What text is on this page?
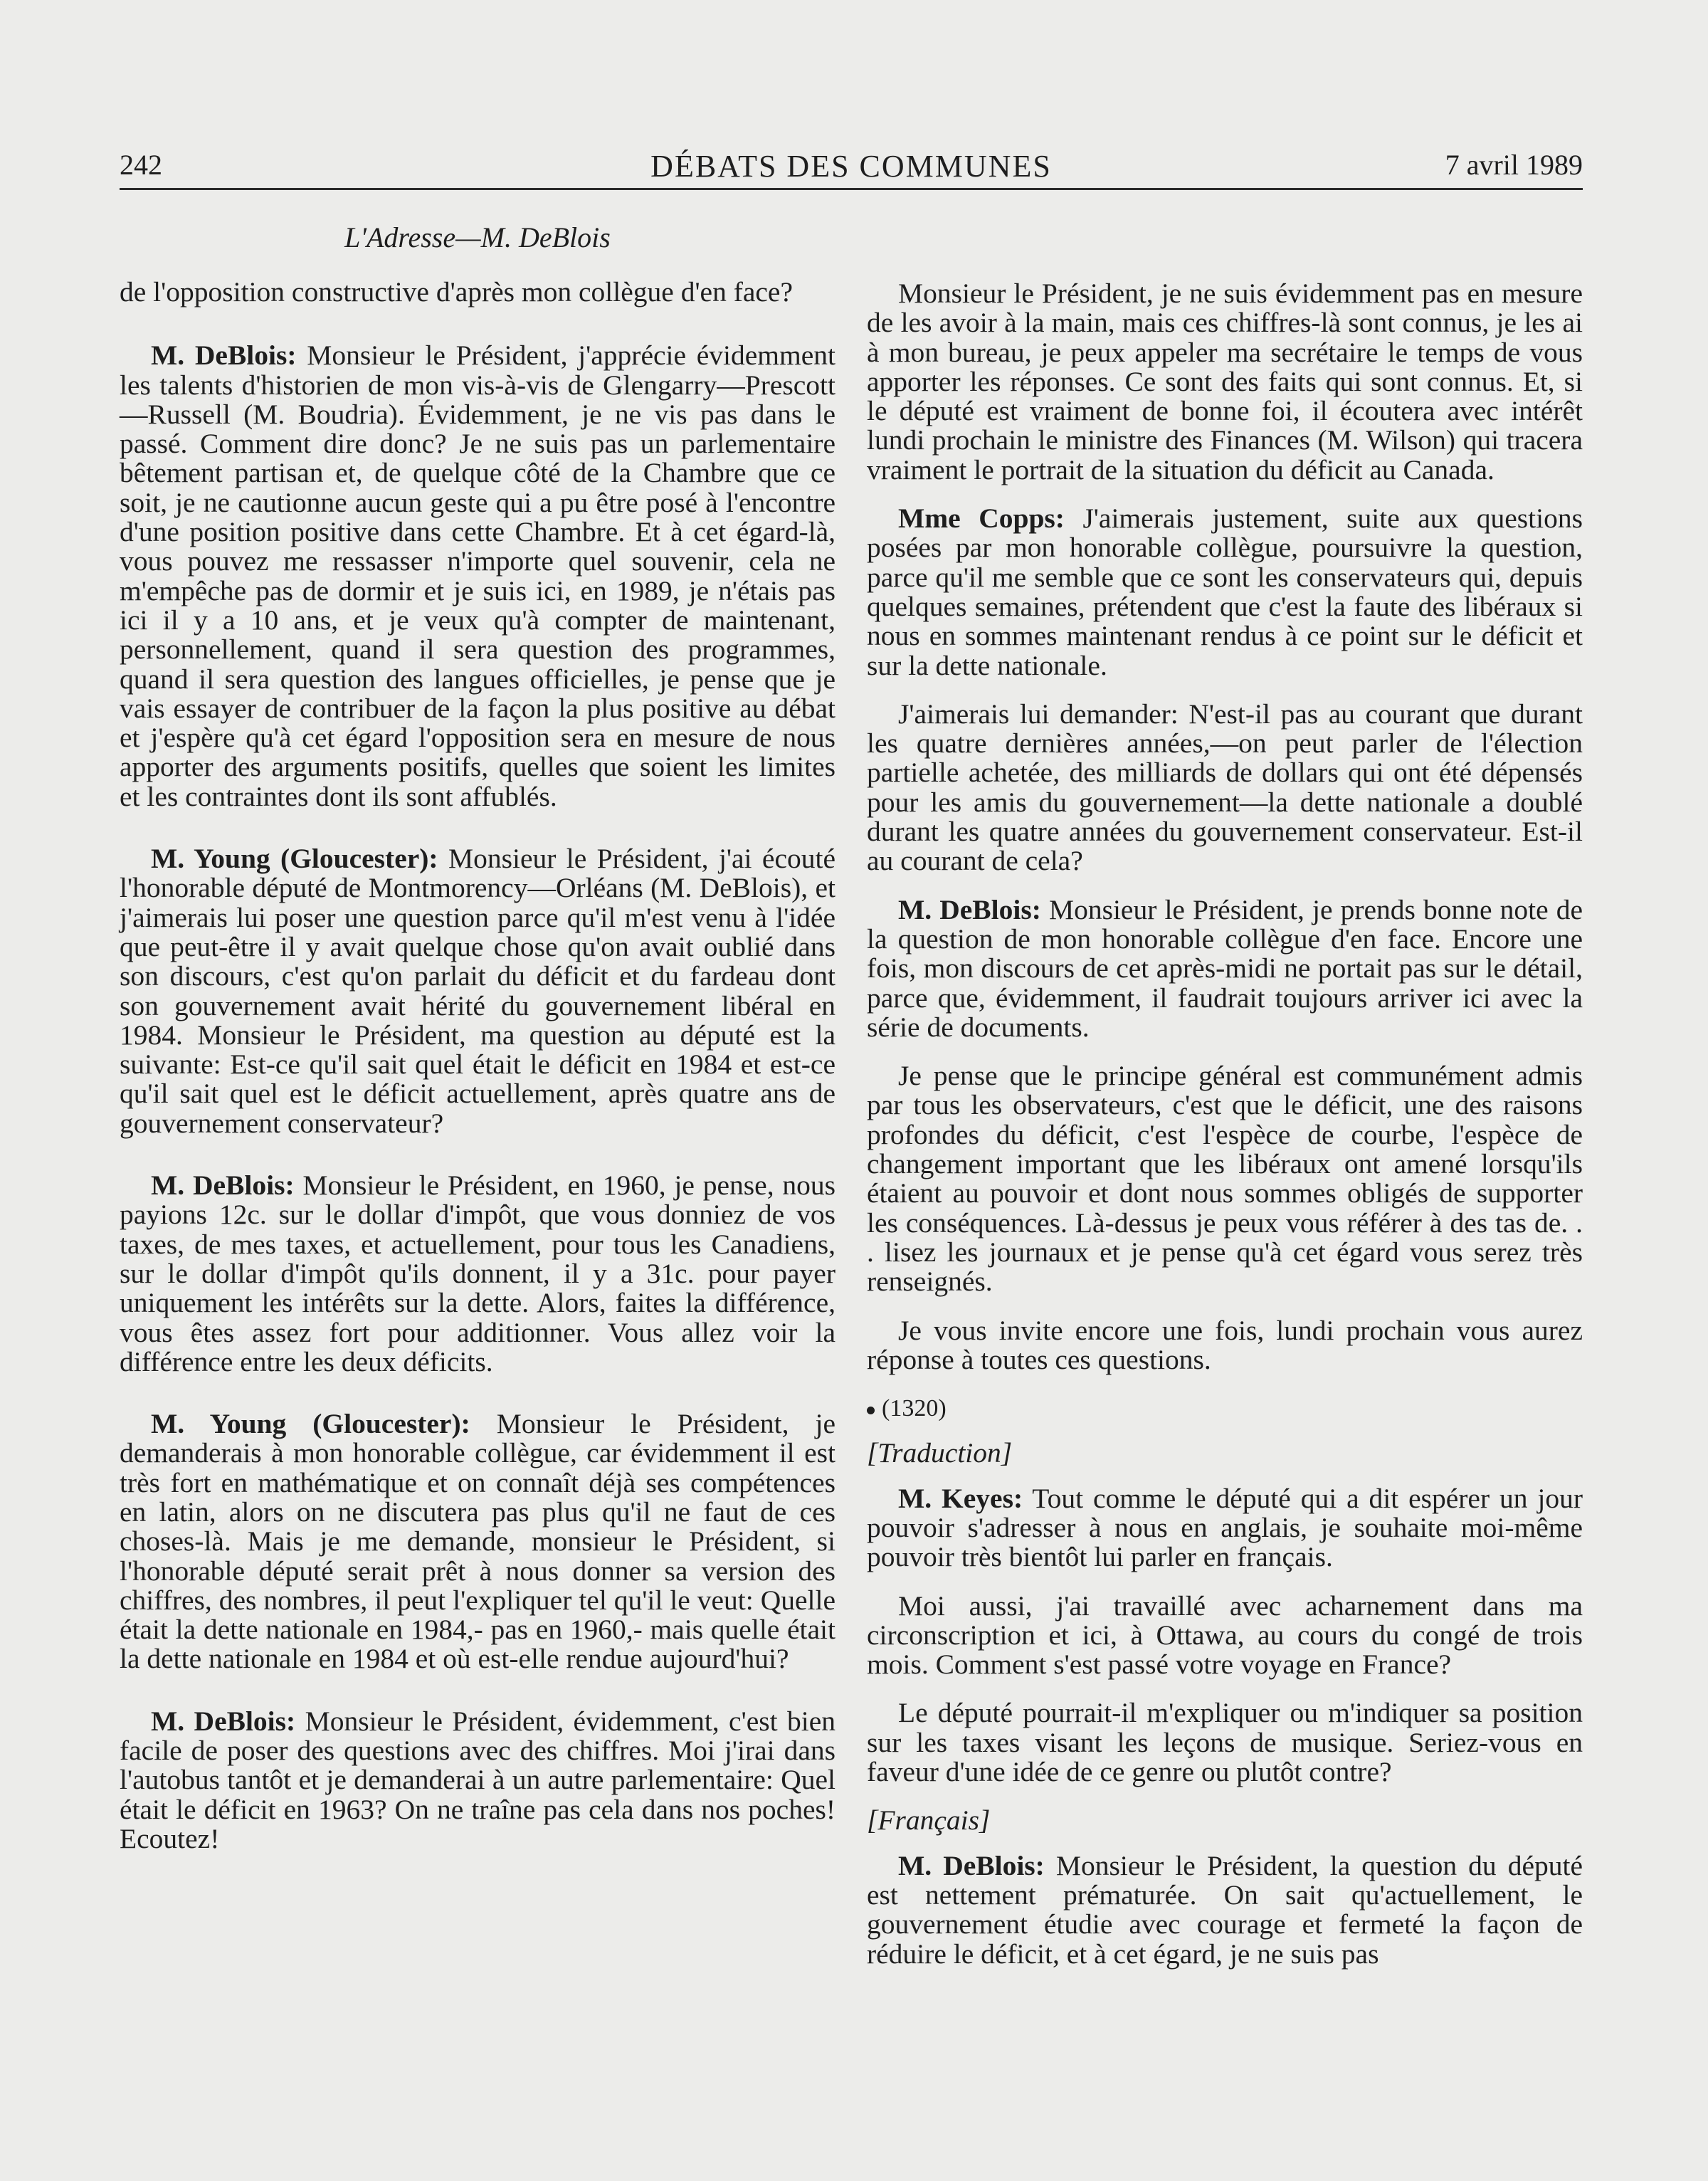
242	DÉBATS DES COMMUNES	7 avril 1989
L'Adresse—M. DeBlois

de l'opposition constructive d'après mon collègue d'en face?

M. DeBlois: Monsieur le Président, j'apprécie évidemment les talents d'historien de mon vis-à-vis de Glengarry—Prescott—Russell (M. Boudria). Évidemment, je ne vis pas dans le passé. Comment dire donc? Je ne suis pas un parlementaire bêtement partisan et, de quelque côté de la Chambre que ce soit, je ne cautionne aucun geste qui a pu être posé à l'encontre d'une position positive dans cette Chambre. Et à cet égard-là, vous pouvez me ressasser n'importe quel souvenir, cela ne m'empêche pas de dormir et je suis ici, en 1989, je n'étais pas ici il y a 10 ans, et je veux qu'à compter de maintenant, personnellement, quand il sera question des programmes, quand il sera question des langues officielles, je pense que je vais essayer de contribuer de la façon la plus positive au débat et j'espère qu'à cet égard l'opposition sera en mesure de nous apporter des arguments positifs, quelles que soient les limites et les contraintes dont ils sont affublés.

M. Young (Gloucester): Monsieur le Président, j'ai écouté l'honorable député de Montmorency—Orléans (M. DeBlois), et j'aimerais lui poser une question parce qu'il m'est venu à l'idée que peut-être il y avait quelque chose qu'on avait oublié dans son discours, c'est qu'on parlait du déficit et du fardeau dont son gouvernement avait hérité du gouvernement libéral en 1984. Monsieur le Président, ma question au député est la suivante: Est-ce qu'il sait quel était le déficit en 1984 et est-ce qu'il sait quel est le déficit actuellement, après quatre ans de gouvernement conservateur?

M. DeBlois: Monsieur le Président, en 1960, je pense, nous payions 12c. sur le dollar d'impôt, que vous donniez de vos taxes, de mes taxes, et actuellement, pour tous les Canadiens, sur le dollar d'impôt qu'ils donnent, il y a 31c. pour payer uniquement les intérêts sur la dette. Alors, faites la différence, vous êtes assez fort pour additionner. Vous allez voir la différence entre les deux déficits.

M. Young (Gloucester): Monsieur le Président, je demanderais à mon honorable collègue, car évidemment il est très fort en mathématique et on connaît déjà ses compétences en latin, alors on ne discutera pas plus qu'il ne faut de ces choses-là. Mais je me demande, monsieur le Président, si l'honorable député serait prêt à nous donner sa version des chiffres, des nombres, il peut l'expliquer tel qu'il le veut: Quelle était la dette nationale en 1984,- pas en 1960,- mais quelle était la dette nationale en 1984 et où est-elle rendue aujourd'hui?

M. DeBlois: Monsieur le Président, évidemment, c'est bien facile de poser des questions avec des chiffres. Moi j'irai dans l'autobus tantôt et je demanderai à un autre parlementaire: Quel était le déficit en 1963? On ne traîne pas cela dans nos poches! Ecoutez!

Monsieur le Président, je ne suis évidemment pas en mesure de les avoir à la main, mais ces chiffres-là sont connus, je les ai à mon bureau, je peux appeler ma secrétaire le temps de vous apporter les réponses. Ce sont des faits qui sont connus. Et, si le député est vraiment de bonne foi, il écoutera avec intérêt lundi prochain le ministre des Finances (M. Wilson) qui tracera vraiment le portrait de la situation du déficit au Canada.

Mme Copps: J'aimerais justement, suite aux questions posées par mon honorable collègue, poursuivre la question, parce qu'il me semble que ce sont les conservateurs qui, depuis quelques semaines, prétendent que c'est la faute des libéraux si nous en sommes maintenant rendus à ce point sur le déficit et sur la dette nationale.

J'aimerais lui demander: N'est-il pas au courant que durant les quatre dernières années,—on peut parler de l'élection partielle achetée, des milliards de dollars qui ont été dépensés pour les amis du gouvernement—la dette nationale a doublé durant les quatre années du gouvernement conservateur. Est-il au courant de cela?

M. DeBlois: Monsieur le Président, je prends bonne note de la question de mon honorable collègue d'en face. Encore une fois, mon discours de cet après-midi ne portait pas sur le détail, parce que, évidemment, il faudrait toujours arriver ici avec la série de documents.

Je pense que le principe général est communément admis par tous les observateurs, c'est que le déficit, une des raisons profondes du déficit, c'est l'espèce de courbe, l'espèce de changement important que les libéraux ont amené lorsqu'ils étaient au pouvoir et dont nous sommes obligés de supporter les conséquences. Là-dessus je peux vous référer à des tas de. . . lisez les journaux et je pense qu'à cet égard vous serez très renseignés.

Je vous invite encore une fois, lundi prochain vous aurez réponse à toutes ces questions.

(1320)
[Traduction]

M. Keyes: Tout comme le député qui a dit espérer un jour pouvoir s'adresser à nous en anglais, je souhaite moi-même pouvoir très bientôt lui parler en français.

Moi aussi, j'ai travaillé avec acharnement dans ma circonscription et ici, à Ottawa, au cours du congé de trois mois. Comment s'est passé votre voyage en France?

Le député pourrait-il m'expliquer ou m'indiquer sa position sur les taxes visant les leçons de musique. Seriez-vous en faveur d'une idée de ce genre ou plutôt contre?

[Français]

M. DeBlois: Monsieur le Président, la question du député est nettement prématurée. On sait qu'actuellement, le gouvernement étudie avec courage et fermeté la façon de réduire le déficit, et à cet égard, je ne suis pas
